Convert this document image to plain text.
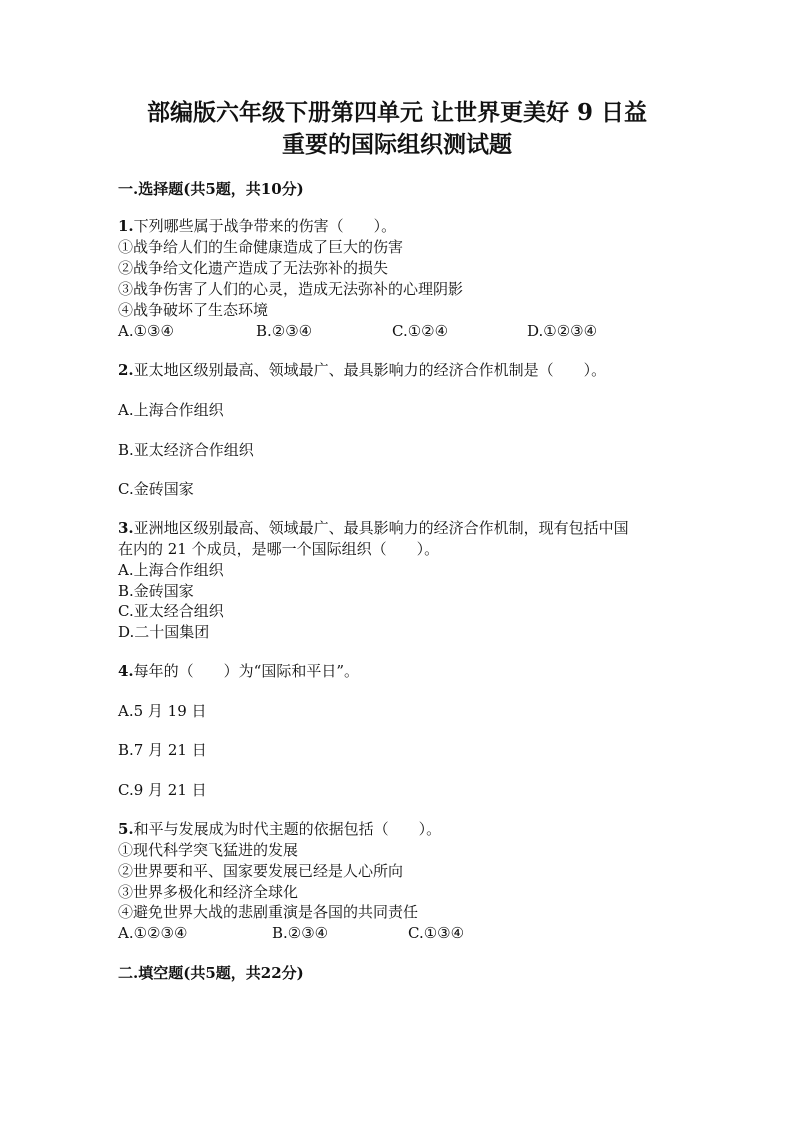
部编版六年级下册第四单元 让世界更美好 9 日益
重要的国际组织测试题

一.选择题(共5题，共10分)

1.下列哪些属于战争带来的伤害（　　）。

①战争给人们的生命健康造成了巨大的伤害

②战争给文化遗产造成了无法弥补的损失

③战争伤害了人们的心灵，造成无法弥补的心理阴影

④战争破坏了生态环境

A.①③④	B.②③④	C.①②④	D.①②③④

2.亚太地区级别最高、领域最广、最具影响力的经济合作机制是（　　）。

A.上海合作组织

B.亚太经济合作组织

C.金砖国家

3.亚洲地区级别最高、领域最广、最具影响力的经济合作机制，现有包括中国

在内的 21 个成员，是哪一个国际组织（　　）。

A.上海合作组织

B.金砖国家

C.亚太经合组织

D.二十国集团

4.每年的（　　）为“国际和平日”。

A.5 月 19 日

B.7 月 21 日

C.9 月 21 日

5.和平与发展成为时代主题的依据包括（　　）。

①现代科学突飞猛进的发展

②世界要和平、国家要发展已经是人心所向

③世界多极化和经济全球化

④避免世界大战的悲剧重演是各国的共同责任

A.①②③④	B.②③④	C.①③④

二.填空题(共5题，共22分)
